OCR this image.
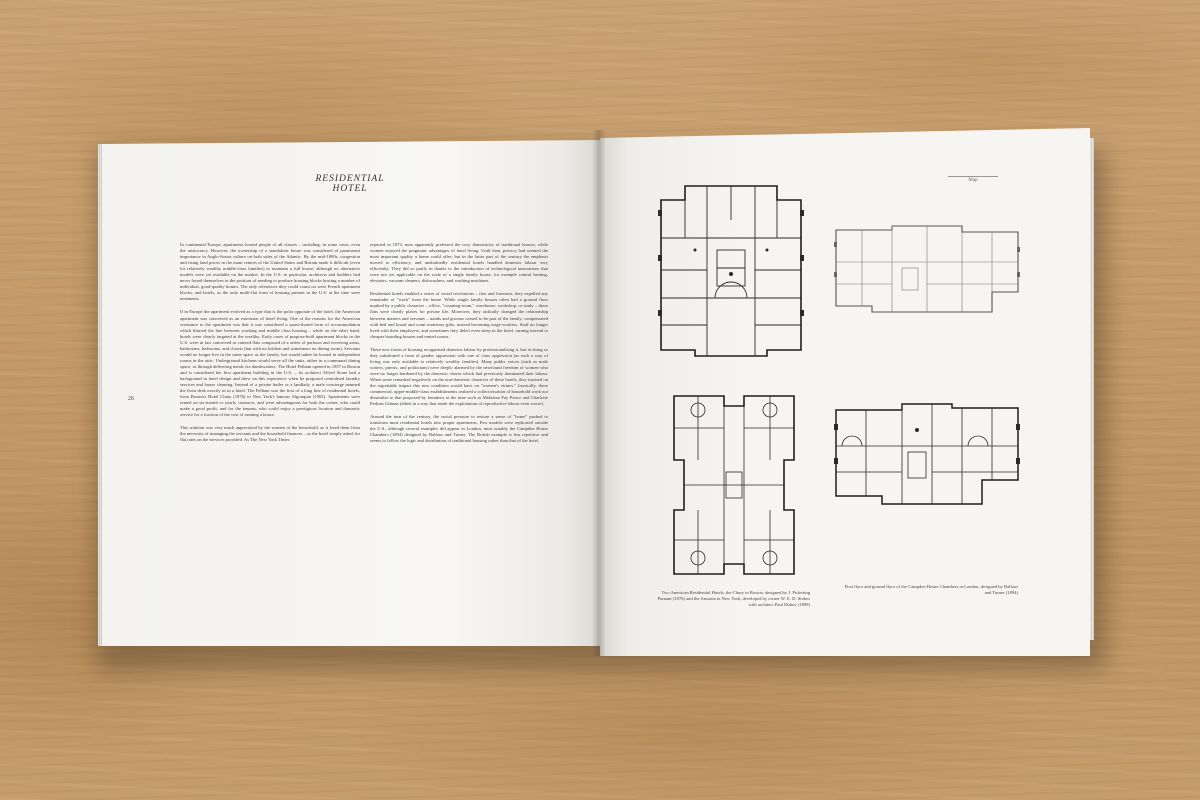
RESIDENTIAL HOTEL
26
Map

In continental Europe, apartments hosted people of all classes – including, in some cases, even the aristocracy. However, the ownership of a standalone house was considered of paramount importance in Anglo-Saxon culture on both sides of the Atlantic. By the mid-1800s, congestion and rising land prices in the main centres of the United States and Britain made it difficult (even for relatively wealthy middle-class families) to maintain a full house; although no alternative models were yet available on the market. In the U.S. in particular, architects and builders had never found themselves in the position of needing to produce housing blocks hosting a number of individual, good-quality homes. The only references they could count on were French apartment blocks, and hotels, as the only multi-flat form of housing present in the U.S. at the time were tenements.

If in Europe the apartment evolved as a type that is the polar opposite of the hotel, the American apartment was conceived as an extension of hotel living. One of the reasons for the American resistance to the apartment was that it was considered a quasi-shared form of accommodation which blurred the line between working and middle class housing – while on the other hand, hotels were clearly targeted at the wealthy. Early cases of purpose-built apartment blocks in the U.S. were in fact conceived as catered flats composed of a series of parlours and receiving areas, bathrooms, bedrooms, and closets (but with no kitchen and sometimes no dining room). Servants would no longer live in the same space as the family, but would rather be hosted in independent rooms in the attic. Underground kitchens would serve all the units, either in a communal dining space, or through delivering meals via dumbwaiters. The Hotel Pelham opened in 1857 in Boston and is considered the first apartment building in the U.S. – its architect Alfred Stone had a background in hotel design and drew on this experience when he proposed centralised laundry services and house cleaning. Instead of a private butler or a landlady, a male concierge manned the front desk exactly as in a hotel. The Pelham was the first of a long line of residential hotels, from Boston's Hotel Cluny (1876) to New York's famous Algonquin (1902). Apartments were rented on six-month or yearly contracts, and were advantageous for both the owner, who could make a good profit, and for the tenants, who could enjoy a prestigious location and domestic service for a fraction of the cost of running a house.

This solution was very much appreciated by the women of the household, as it freed them from the necessity of managing the servants and the household finances – as the hotel simply asked for flat rates on the services provided. As The New York Times

reported in 1873, men apparently preferred the cosy domesticity of traditional houses, while women enjoyed the pragmatic advantages of hotel living. Until then, privacy had seemed the most important quality a home could offer; but in the latter part of the century the emphasis moved to efficiency, and undoubtedly residential hotels handled domestic labour very efficiently. They did so partly in thanks to the introduction of technological innovations that were not yet applicable on the scale of a single family house, for example central heating, elevators, vacuum cleaners, dishwashers, and washing machines.

Residential hotels enabled a series of social revolutions – first and foremost, they expelled any remainder of "work" from the home. While single family houses often had a ground floor marked by a public character – office, "counting-room," warehouse, workshop, or study – these flats were clearly places for private life. Moreover, they radically changed the relationship between masters and servants – maids and grooms ceased to be part of the family, compensated with bed and board and scant monetary gifts, instead becoming wage-workers. Staff no longer lived with their employers, and sometimes they didn't even sleep in the hotel, turning instead to cheaper boarding houses and rented rooms.

These new forms of housing reorganised domestic labour by professionalising it, but in doing so they substituted a form of gender oppression with one of class oppression (as such a way of living was only available to relatively wealthy families). Many public voices (such as male writers, priests, and politicians) were deeply alarmed by the newfound freedom of women who were no longer burdened by the domestic chores which had previously dominated their labour. When some remarked negatively on the non-domestic character of these hotels, they insisted on the regrettable impact this new condition would have on "women's virtues." Ironically, these commercial, upper-middle-class establishments realised a collectivisation of household work not dissimilar to that proposed by feminists at the time such as Melusina Fay Peirce and Charlotte Perkins Gilman (albeit in a way that made the exploitation of reproductive labour even worse).

Around the turn of the century, the social pressure to restore a sense of "home" pushed to transform most residential hotels into proper apartments. Few models were replicated outside the U.S., although several examples did appear in London, most notably the Campden House Chambers (1894) designed by Balfour and Turner. The British example is less repetitive and seems to follow the logic and distribution of traditional housing rather than that of the hotel.

Two American Residential Hotels, the Cluny in Boston, designed by J. Pickering Putnam (1876) and the Ansonia in New York, developed by owner W. E. D. Stokes with architect Paul Duboy (1899)
First floor and ground floor of the Campden House Chambers in London, designed by Balfour and Turner (1894)
